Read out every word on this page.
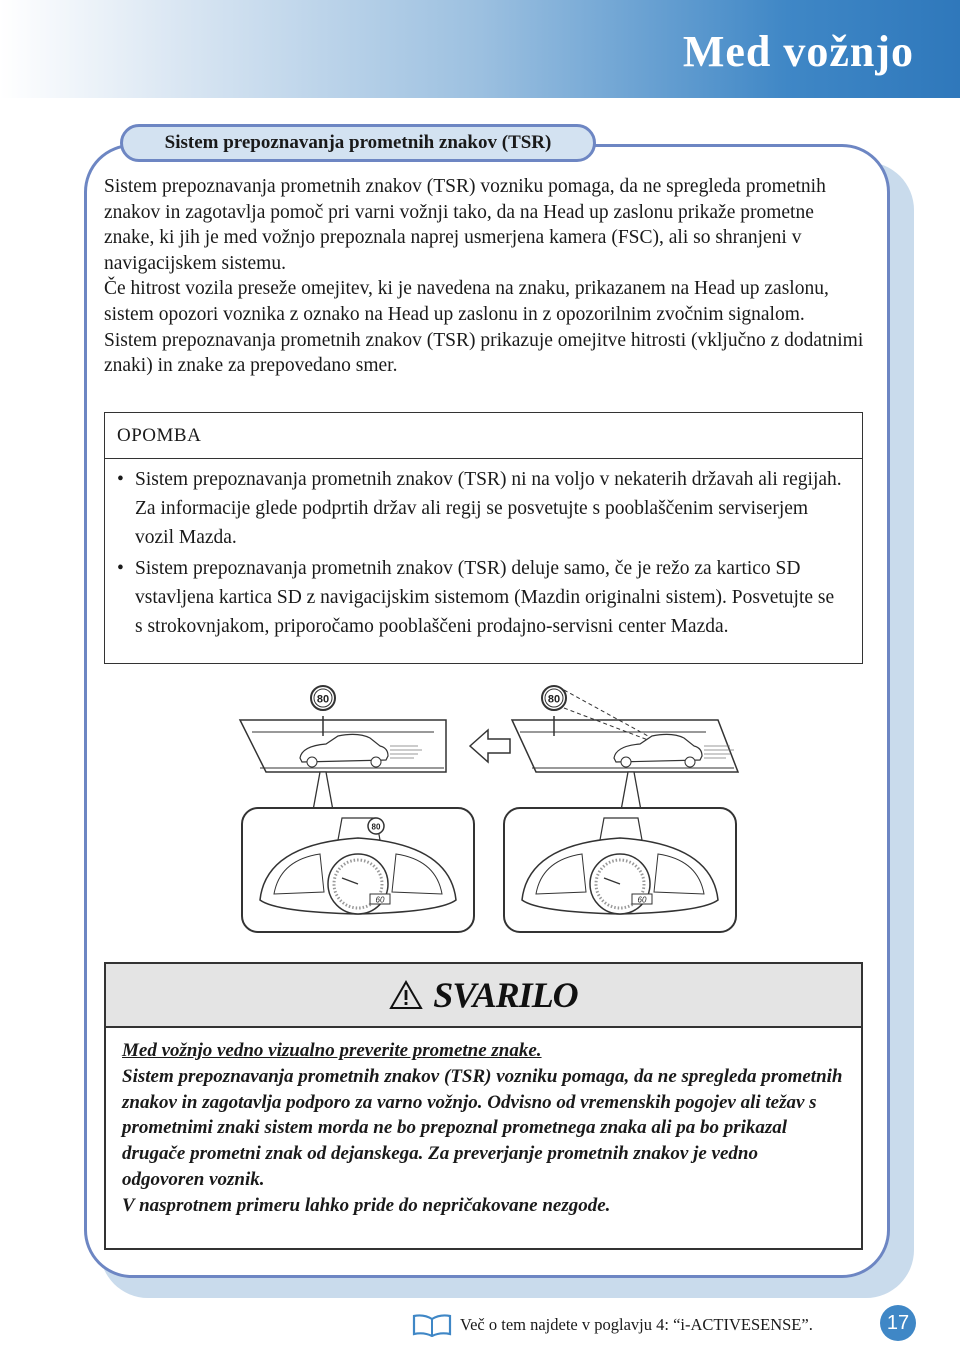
Med vožnjo
Sistem prepoznavanja prometnih znakov (TSR)

Sistem prepoznavanja prometnih znakov (TSR) vozniku pomaga, da ne spregleda prometnih znakov in zagotavlja pomoč pri varni vožnji tako, da na Head up zaslonu prikaže prometne znake, ki jih je med vožnjo prepoznala naprej usmerjena kamera (FSC), ali so shranjeni v navigacijskem sistemu.

Če hitrost vozila preseže omejitev, ki je navedena na znaku, prikazanem na Head up zaslonu, sistem opozori voznika z oznako na Head up zaslonu in z opozorilnim zvočnim signalom.

Sistem prepoznavanja prometnih znakov (TSR) prikazuje omejitve hitrosti (vključno z dodatnimi znaki) in znake za prepovedano smer.

OPOMBA
• Sistem prepoznavanja prometnih znakov (TSR) ni na voljo v nekaterih državah ali regijah. Za informacije glede podprtih držav ali regij se posvetujte s pooblaščenim serviserjem vozil Mazda.
• Sistem prepoznavanja prometnih znakov (TSR) deluje samo, če je režo za kartico SD vstavljena kartica SD z navigacijskim sistemom (Mazdin originalni sistem). Posvetujte se s strokovnjakom, priporočamo pooblaščeni prodajno-servisni center Mazda.
80	80
80
60	60
SVARILO

Med vožnjo vedno vizualno preverite prometne znake.

Sistem prepoznavanja prometnih znakov (TSR) vozniku pomaga, da ne spregleda prometnih znakov in zagotavlja podporo za varno vožnjo. Odvisno od vremenskih pogojev ali težav s prometnimi znaki sistem morda ne bo prepoznal prometnega znaka ali pa bo prikazal drugače prometni znak od dejanskega. Za preverjanje prometnih znakov je vedno odgovoren voznik.

V nasprotnem primeru lahko pride do nepričakovane nezgode.

Več o tem najdete v poglavju 4: “i-ACTIVESENSE”.	17
